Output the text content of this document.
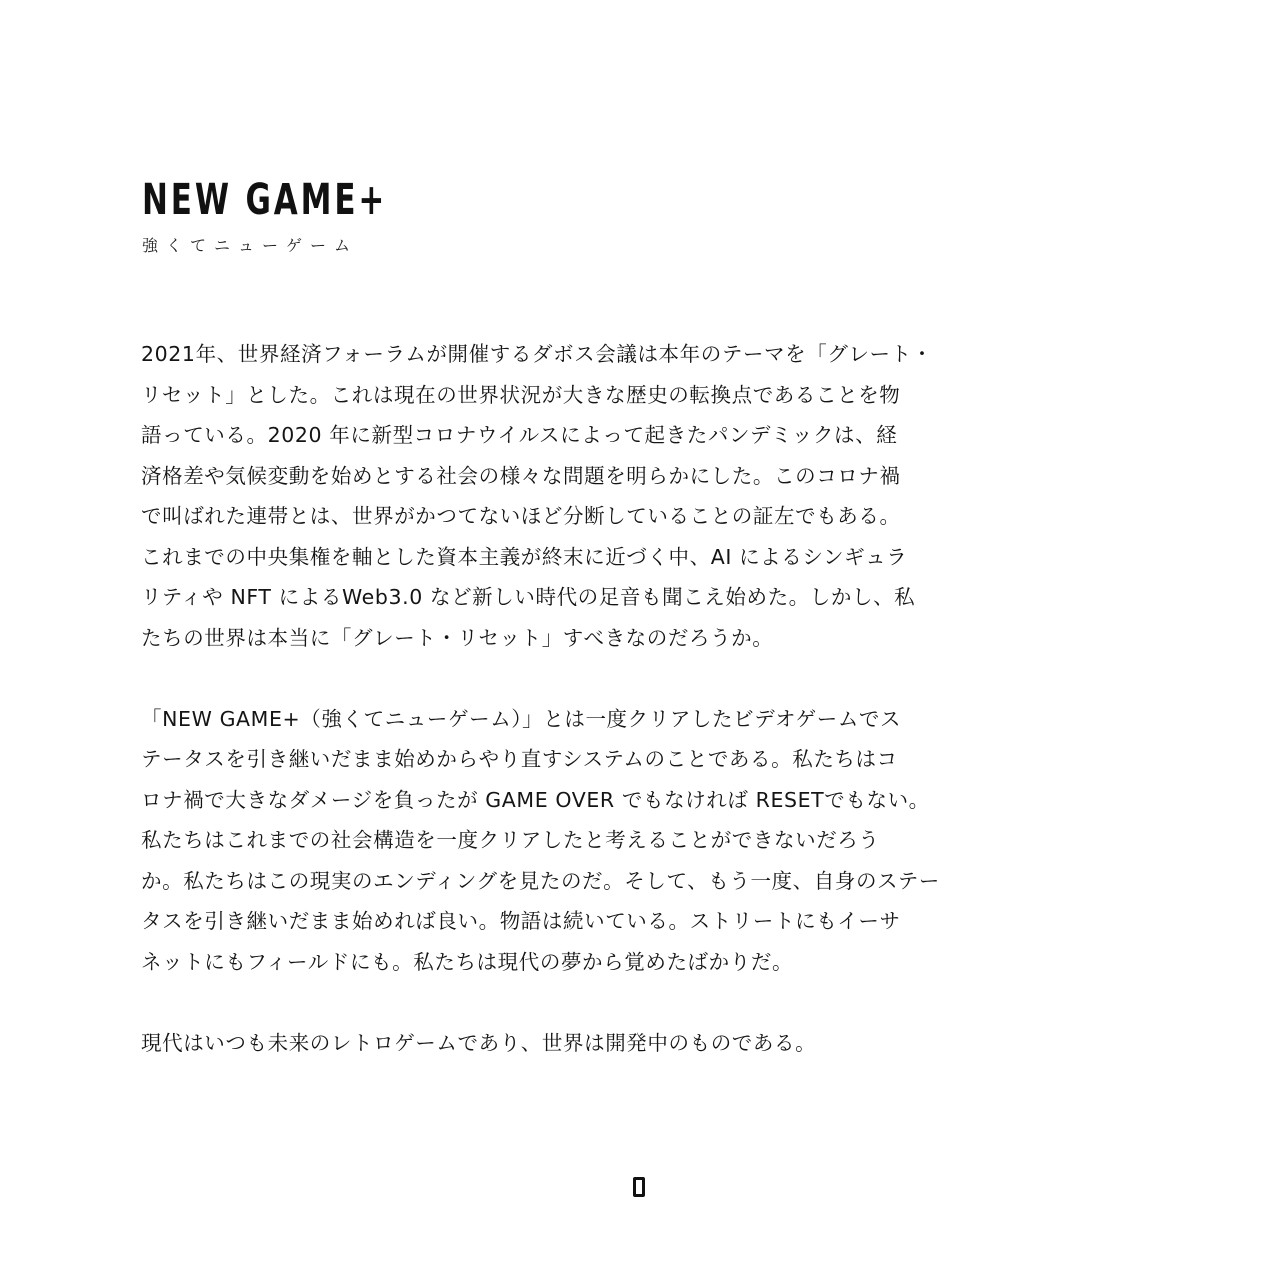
NEW GAME+
強くてニューゲーム

2021年、世界経済フォーラムが開催するダボス会議は本年のテーマを「グレート・
リセット」とした。これは現在の世界状況が大きな歴史の転換点であることを物
語っている。2020 年に新型コロナウイルスによって起きたパンデミックは、経
済格差や気候変動を始めとする社会の様々な問題を明らかにした。このコロナ禍
で叫ばれた連帯とは、世界がかつてないほど分断していることの証左でもある。
これまでの中央集権を軸とした資本主義が終末に近づく中、AI によるシンギュラ
リティや NFT によるWeb3.0 など新しい時代の足音も聞こえ始めた。しかし、私
たちの世界は本当に「グレート・リセット」すべきなのだろうか。

「NEW GAME+（強くてニューゲーム）」とは一度クリアしたビデオゲームでス
テータスを引き継いだまま始めからやり直すシステムのことである。私たちはコ
ロナ禍で大きなダメージを負ったが GAME OVER でもなければ RESETでもない。
私たちはこれまでの社会構造を一度クリアしたと考えることができないだろう
か。私たちはこの現実のエンディングを見たのだ。そして、もう一度、自身のステー
タスを引き継いだまま始めれば良い。物語は続いている。ストリートにもイーサ
ネットにもフィールドにも。私たちは現代の夢から覚めたばかりだ。

現代はいつも未来のレトロゲームであり、世界は開発中のものである。
